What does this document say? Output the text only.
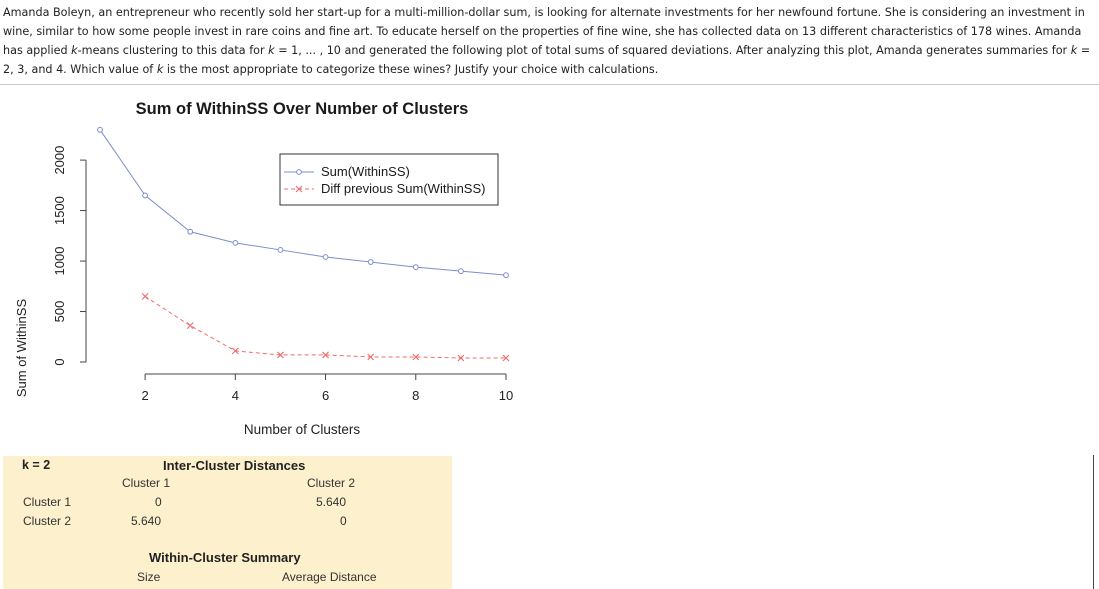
Amanda Boleyn, an entrepreneur who recently sold her start-up for a multi-million-dollar sum, is looking for alternate investments for her newfound fortune. She is considering an investment in wine, similar to how some people invest in rare coins and fine art. To educate herself on the properties of fine wine, she has collected data on 13 different characteristics of 178 wines. Amanda has applied k-means clustering to this data for k = 1, ... , 10 and generated the following plot of total sums of squared deviations. After analyzing this plot, Amanda generates summaries for k = 2, 3, and 4. Which value of k is the most appropriate to categorize these wines? Justify your choice with calculations.
Sum of WithinSS Over Number of Clusters
Number of Clusters
Sum of WithinSS 0
500
1000
1500
2000
2	4	6	8	10
Sum(WithinSS)
Diff previous Sum(WithinSS)
k = 2	Inter-Cluster Distances
Cluster 1	Cluster 2
Cluster 1	0	5.640
Cluster 2	5.640	0
Within-Cluster Summary
Size	Average Distance
